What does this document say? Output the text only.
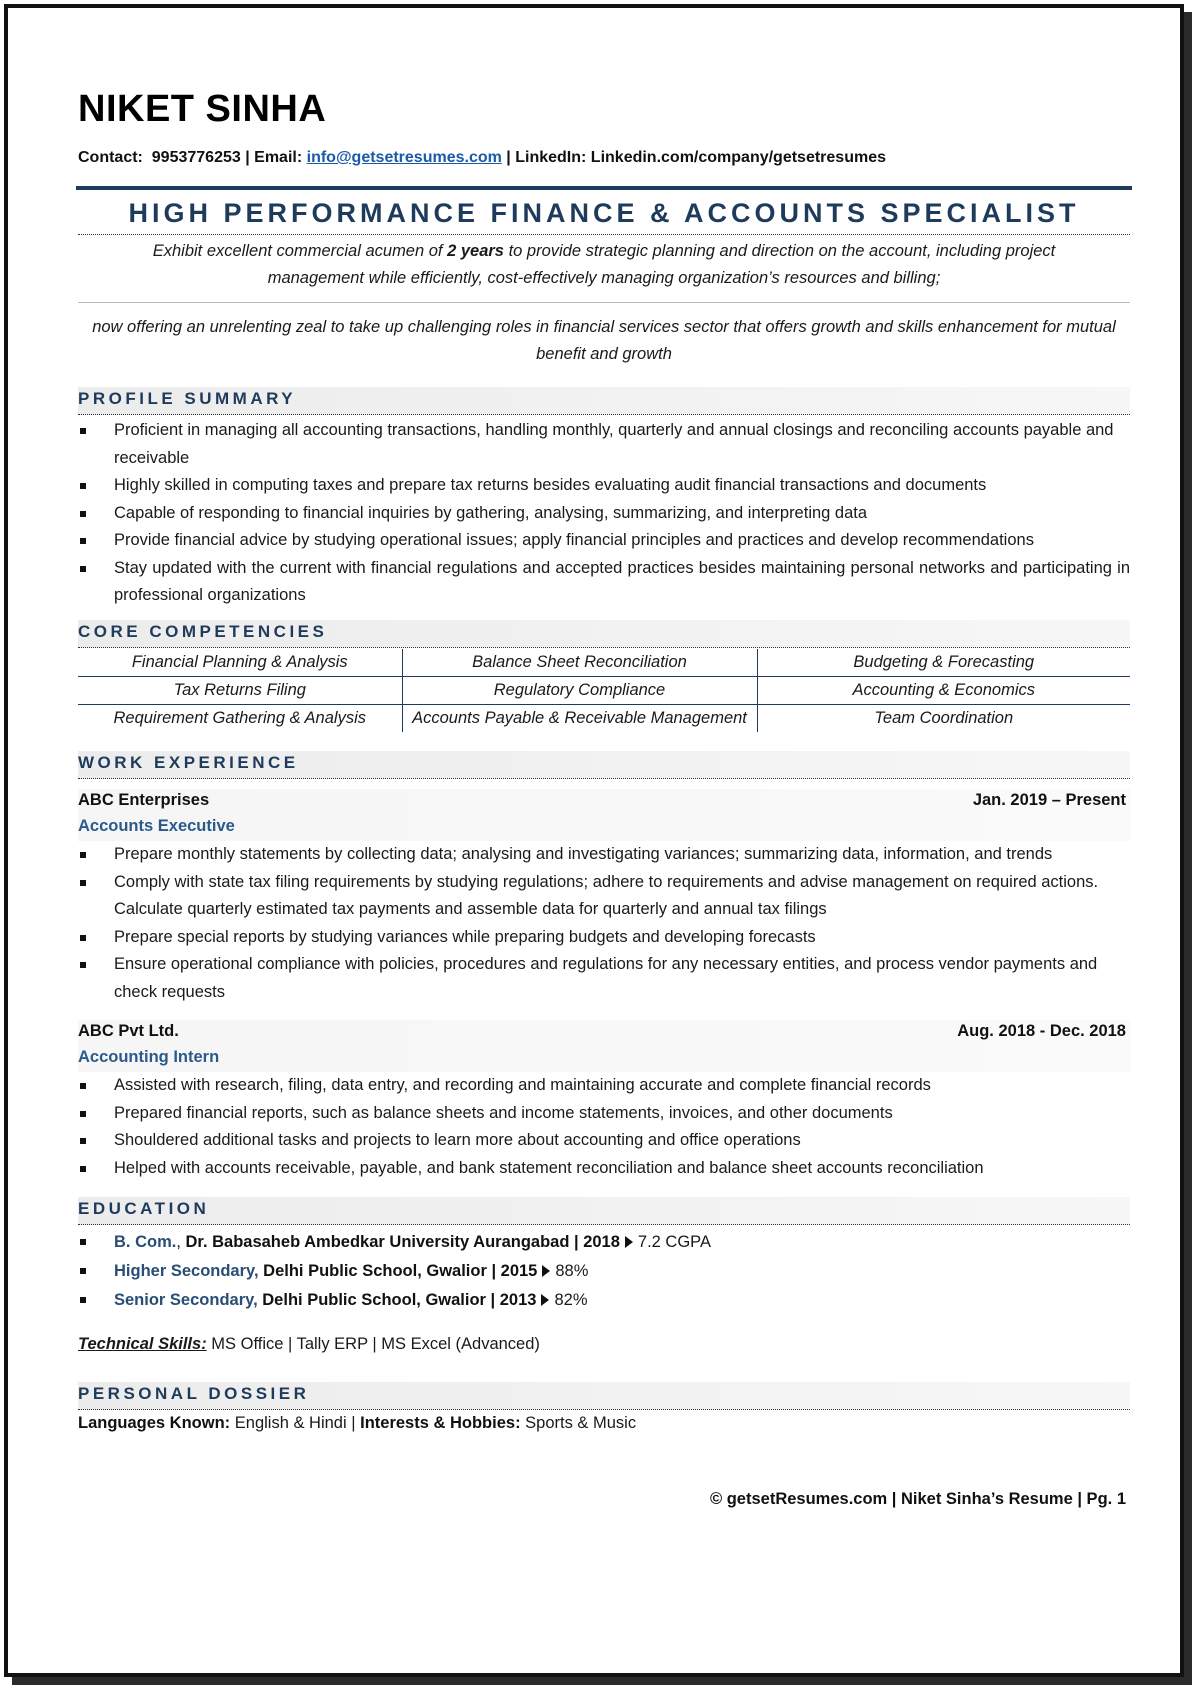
NIKET SINHA
Contact: 9953776253 | Email: info@getsetresumes.com | LinkedIn: Linkedin.com/company/getsetresumes
HIGH PERFORMANCE FINANCE & ACCOUNTS SPECIALIST
Exhibit excellent commercial acumen of 2 years to provide strategic planning and direction on the account, including project management while efficiently, cost-effectively managing organization’s resources and billing;
now offering an unrelenting zeal to take up challenging roles in financial services sector that offers growth and skills enhancement for mutual benefit and growth
PROFILE SUMMARY
Proficient in managing all accounting transactions, handling monthly, quarterly and annual closings and reconciling accounts payable and receivable
Highly skilled in computing taxes and prepare tax returns besides evaluating audit financial transactions and documents
Capable of responding to financial inquiries by gathering, analysing, summarizing, and interpreting data
Provide financial advice by studying operational issues; apply financial principles and practices and develop recommendations
Stay updated with the current with financial regulations and accepted practices besides maintaining personal networks and participating in professional organizations
CORE COMPETENCIES
Financial Planning & Analysis	Balance Sheet Reconciliation	Budgeting & Forecasting
Tax Returns Filing	Regulatory Compliance	Accounting & Economics
Requirement Gathering & Analysis	Accounts Payable & Receivable Management	Team Coordination
WORK EXPERIENCE
ABC Enterprises	Jan. 2019 – Present
Accounts Executive
Prepare monthly statements by collecting data; analysing and investigating variances; summarizing data, information, and trends
Comply with state tax filing requirements by studying regulations; adhere to requirements and advise management on required actions. Calculate quarterly estimated tax payments and assemble data for quarterly and annual tax filings
Prepare special reports by studying variances while preparing budgets and developing forecasts
Ensure operational compliance with policies, procedures and regulations for any necessary entities, and process vendor payments and check requests
ABC Pvt Ltd.	Aug. 2018 - Dec. 2018
Accounting Intern
Assisted with research, filing, data entry, and recording and maintaining accurate and complete financial records
Prepared financial reports, such as balance sheets and income statements, invoices, and other documents
Shouldered additional tasks and projects to learn more about accounting and office operations
Helped with accounts receivable, payable, and bank statement reconciliation and balance sheet accounts reconciliation
EDUCATION
B. Com., Dr. Babasaheb Ambedkar University Aurangabad | 2018 7.2 CGPA
Higher Secondary, Delhi Public School, Gwalior | 2015 88%
Senior Secondary, Delhi Public School, Gwalior | 2013 82%
Technical Skills: MS Office | Tally ERP | MS Excel (Advanced)
PERSONAL DOSSIER
Languages Known: English & Hindi | Interests & Hobbies: Sports & Music
© getsetResumes.com | Niket Sinha’s Resume | Pg. 1
